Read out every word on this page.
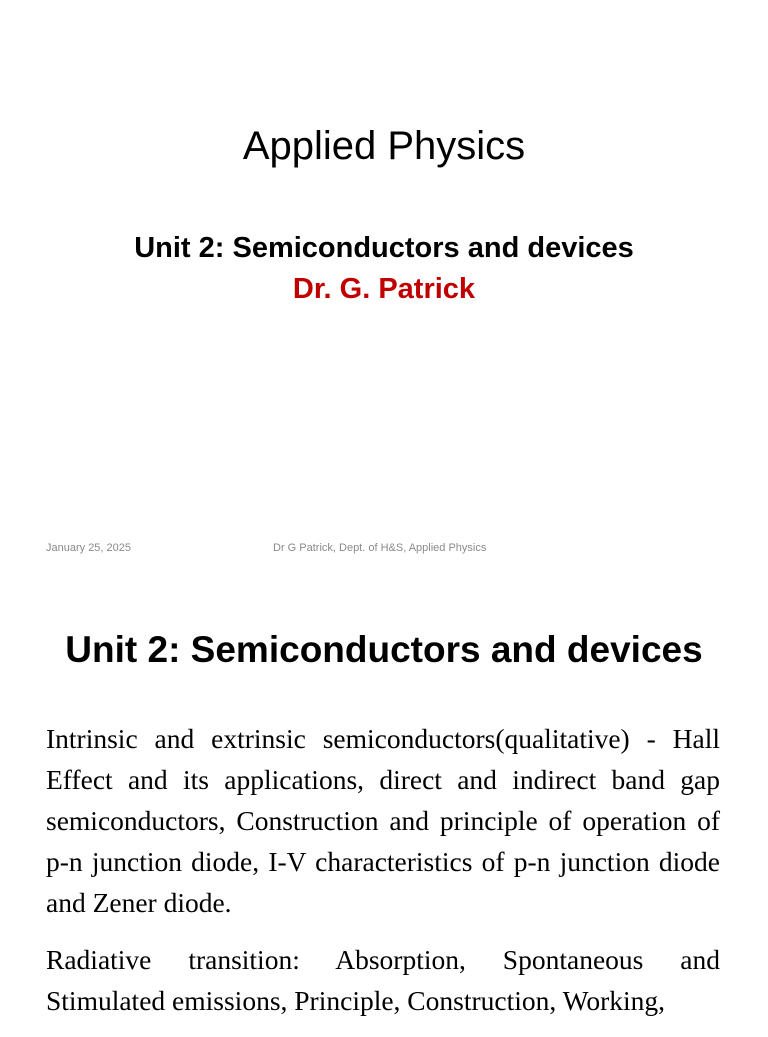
Applied Physics
Unit 2: Semiconductors and devices
Dr. G. Patrick
January 25, 2025	Dr G Patrick, Dept. of H&S, Applied Physics
Unit 2: Semiconductors and devices

Intrinsic and extrinsic semiconductors(qualitative) - Hall Effect and its applications, direct and indirect band gap semiconductors, Construction and principle of operation of p-n junction diode, I-V characteristics of p-n junction diode and Zener diode.

Radiative transition: Absorption, Spontaneous and Stimulated emissions, Principle, Construction, Working,
